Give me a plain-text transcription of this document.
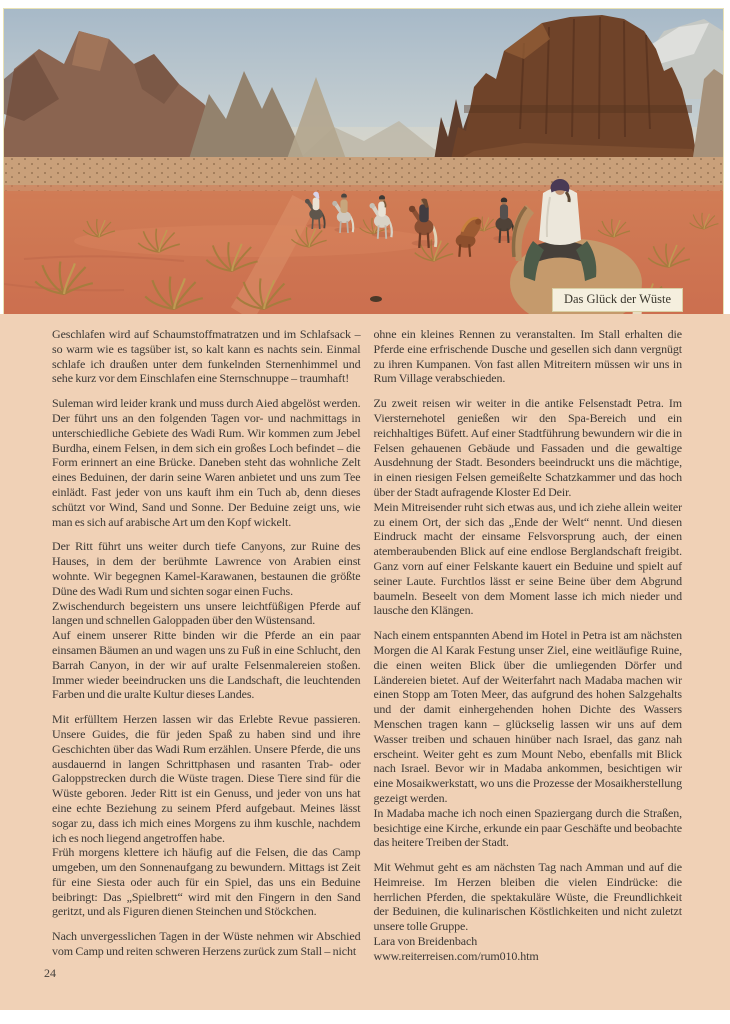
Das Glück der Wüste

Geschlafen wird auf Schaumstoffmatratzen und im Schlafsack – so warm wie es tagsüber ist, so kalt kann es nachts sein. Einmal schlafe ich draußen unter dem funkelnden Sternenhimmel und sehe kurz vor dem Einschlafen eine Sternschnuppe – traumhaft!

Suleman wird leider krank und muss durch Aied abgelöst werden. Der führt uns an den folgenden Tagen vor- und nachmittags in unterschiedliche Gebiete des Wadi Rum. Wir kommen zum Jebel Burdha, einem Felsen, in dem sich ein großes Loch befindet – die Form erinnert an eine Brücke. Daneben steht das wohnliche Zelt eines Beduinen, der darin seine Waren anbietet und uns zum Tee einlädt. Fast jeder von uns kauft ihm ein Tuch ab, denn dieses schützt vor Wind, Sand und Sonne. Der Beduine zeigt uns, wie man es sich auf arabische Art um den Kopf wickelt.

Der Ritt führt uns weiter durch tiefe Canyons, zur Ruine des Hauses, in dem der berühmte Lawrence von Arabien einst wohnte. Wir begegnen Kamel-Karawanen, bestaunen die größte Düne des Wadi Rum und sichten sogar einen Fuchs.

Zwischendurch begeistern uns unsere leichtfüßigen Pferde auf langen und schnellen Galoppaden über den Wüstensand.

Auf einem unserer Ritte binden wir die Pferde an ein paar einsamen Bäumen an und wagen uns zu Fuß in eine Schlucht, den Barrah Canyon, in der wir auf uralte Felsenmalereien stoßen. Immer wieder beeindrucken uns die Landschaft, die leuchtenden Farben und die uralte Kultur dieses Landes.

Mit erfülltem Herzen lassen wir das Erlebte Revue passieren. Unsere Guides, die für jeden Spaß zu haben sind und ihre Geschichten über das Wadi Rum erzählen. Unsere Pferde, die uns ausdauernd in langen Schrittphasen und rasanten Trab- oder Galoppstrecken durch die Wüste tragen. Diese Tiere sind für die Wüste geboren. Jeder Ritt ist ein Genuss, und jeder von uns hat eine echte Beziehung zu seinem Pferd aufgebaut. Meines lässt sogar zu, dass ich mich eines Morgens zu ihm kuschle, nachdem ich es noch liegend angetroffen habe.

Früh morgens klettere ich häufig auf die Felsen, die das Camp umgeben, um den Sonnenaufgang zu bewundern. Mittags ist Zeit für eine Siesta oder auch für ein Spiel, das uns ein Beduine beibringt: Das „Spielbrett“ wird mit den Fingern in den Sand geritzt, und als Figuren dienen Steinchen und Stöckchen.

Nach unvergesslichen Tagen in der Wüste nehmen wir Abschied vom Camp und reiten schweren Herzens zurück zum Stall – nicht

ohne ein kleines Rennen zu veranstalten. Im Stall erhalten die Pferde eine erfrischende Dusche und gesellen sich dann vergnügt zu ihren Kumpanen. Von fast allen Mitreitern müssen wir uns in Rum Village verabschieden.

Zu zweit reisen wir weiter in die antike Felsenstadt Petra. Im Viersternehotel genießen wir den Spa-Bereich und ein reichhaltiges Büfett. Auf einer Stadtführung bewundern wir die in Felsen gehauenen Gebäude und Fassaden und die gewaltige Ausdehnung der Stadt. Besonders beeindruckt uns die mächtige, in einen riesigen Felsen gemeißelte Schatzkammer und das hoch über der Stadt aufragende Kloster Ed Deir.

Mein Mitreisender ruht sich etwas aus, und ich ziehe allein weiter zu einem Ort, der sich das „Ende der Welt“ nennt. Und diesen Eindruck macht der einsame Felsvorsprung auch, der einen atemberaubenden Blick auf eine endlose Berglandschaft freigibt. Ganz vorn auf einer Felskante kauert ein Beduine und spielt auf seiner Laute. Furchtlos lässt er seine Beine über dem Abgrund baumeln. Beseelt von dem Moment lasse ich mich nieder und lausche den Klängen.

Nach einem entspannten Abend im Hotel in Petra ist am nächsten Morgen die Al Karak Festung unser Ziel, eine weitläufige Ruine, die einen weiten Blick über die umliegenden Dörfer und Ländereien bietet. Auf der Weiterfahrt nach Madaba machen wir einen Stopp am Toten Meer, das aufgrund des hohen Salzgehalts und der damit einhergehenden hohen Dichte des Wassers Menschen tragen kann – glückselig lassen wir uns auf dem Wasser treiben und schauen hinüber nach Israel, das ganz nah erscheint. Weiter geht es zum Mount Nebo, ebenfalls mit Blick nach Israel. Bevor wir in Madaba ankommen, besichtigen wir eine Mosaikwerkstatt, wo uns die Prozesse der Mosaikherstellung gezeigt werden.

In Madaba mache ich noch einen Spaziergang durch die Straßen, besichtige eine Kirche, erkunde ein paar Geschäfte und beobachte das heitere Treiben der Stadt.

Mit Wehmut geht es am nächsten Tag nach Amman und auf die Heimreise. Im Herzen bleiben die vielen Eindrücke: die herrlichen Pferden, die spektakuläre Wüste, die Freundlichkeit der Beduinen, die kulinarischen Köstlichkeiten und nicht zuletzt unsere tolle Gruppe.

Lara von Breidenbach
www.reiterreisen.com/rum010.htm
24
